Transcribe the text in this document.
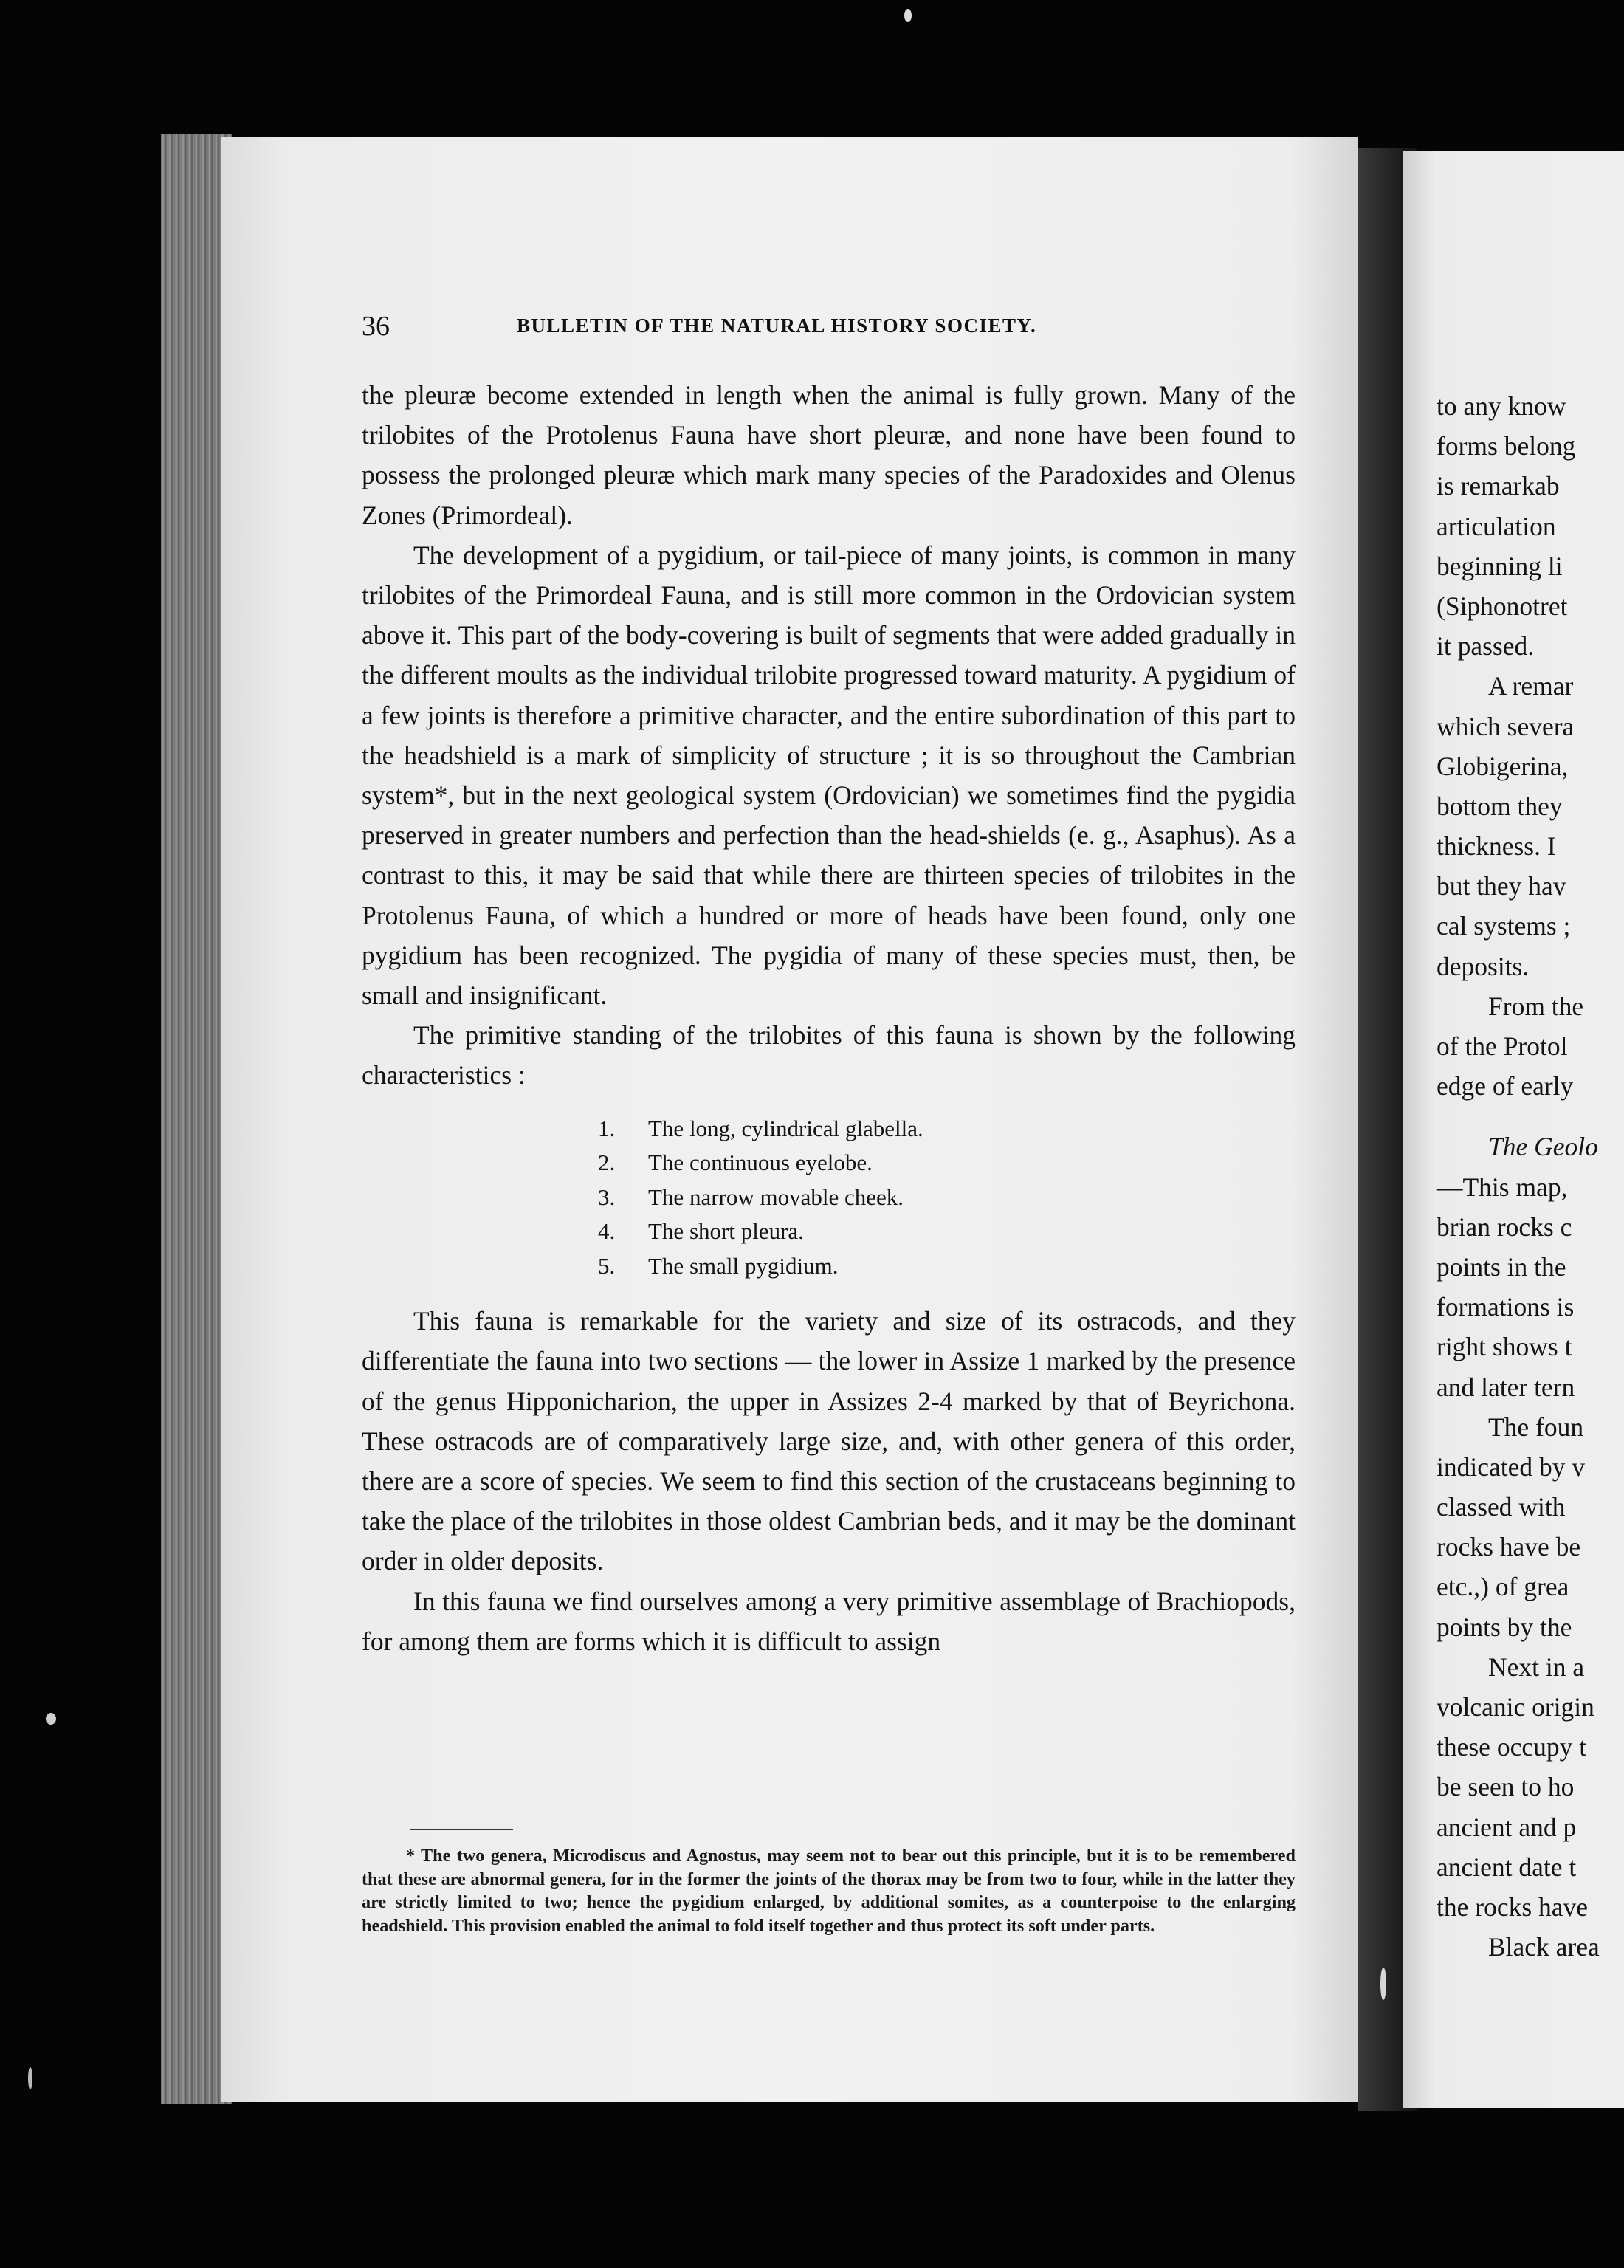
to any know
forms belong
is remarkab
articulation
beginning li
(Siphonotret
it passed.
A remar
which severa
Globigerina,
bottom they
thickness. I
but they hav
cal systems ;
deposits.
From the
of the Protol
edge of early
The Geolo
—This map,
brian rocks c
points in the
formations is
right shows t
and later tern
The foun
indicated by v
classed with
rocks have be
etc.,) of grea
points by the
Next in a
volcanic origin
these occupy t
be seen to ho
ancient and p
ancient date t
the rocks have
Black area
36	BULLETIN OF THE NATURAL HISTORY SOCIETY.

the pleuræ become extended in length when the animal is fully grown. Many of the trilobites of the Protolenus Fauna have short pleuræ, and none have been found to possess the prolonged pleuræ which mark many species of the Paradoxides and Olenus Zones (Primordeal).

The development of a pygidium, or tail-piece of many joints, is common in many trilobites of the Primordeal Fauna, and is still more common in the Ordovician system above it. This part of the body-covering is built of segments that were added gradually in the different moults as the individual trilobite progressed toward maturity. A pygidium of a few joints is therefore a primitive character, and the entire subordination of this part to the headshield is a mark of simplicity of structure ; it is so throughout the Cambrian system*, but in the next geological system (Ordovician) we sometimes find the pygidia preserved in greater numbers and perfection than the head-shields (e. g., Asaphus). As a contrast to this, it may be said that while there are thirteen species of trilobites in the Protolenus Fauna, of which a hundred or more of heads have been found, only one pygidium has been recognized. The pygidia of many of these species must, then, be small and insignificant.

The primitive standing of the trilobites of this fauna is shown by the following characteristics :

1. The long, cylindrical glabella.
2. The continuous eyelobe.
3. The narrow movable cheek.
4. The short pleura.
5. The small pygidium.

This fauna is remarkable for the variety and size of its ostracods, and they differentiate the fauna into two sections — the lower in Assize 1 marked by the presence of the genus Hipponicharion, the upper in Assizes 2-4 marked by that of Beyrichona. These ostracods are of comparatively large size, and, with other genera of this order, there are a score of species. We seem to find this section of the crustaceans beginning to take the place of the trilobites in those oldest Cambrian beds, and it may be the dominant order in older deposits.

In this fauna we find ourselves among a very primitive assemblage of Brachiopods, for among them are forms which it is difficult to assign

* The two genera, Microdiscus and Agnostus, may seem not to bear out this principle, but it is to be remembered that these are abnormal genera, for in the former the joints of the thorax may be from two to four, while in the latter they are strictly limited to two; hence the pygidium enlarged, by additional somites, as a counterpoise to the enlarging headshield. This provision enabled the animal to fold itself together and thus protect its soft under parts.
